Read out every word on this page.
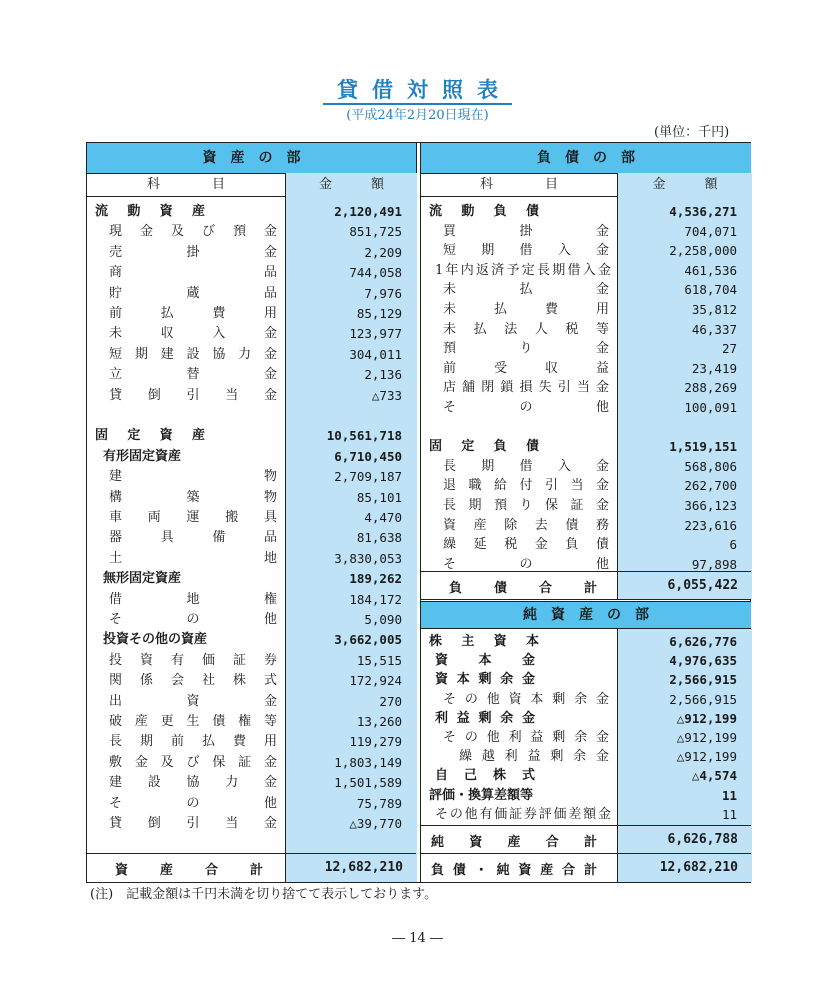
貸借対照表
(平成24年2月20日現在)
(単位：千円)
資　産　の　部
科　　　　目	金　　　額
流動資産	2,120,491
現金及び預金	851,725
売掛金	2,209
商品	744,058
貯蔵品	7,976
前払費用	85,129
未収入金	123,977
短期建設協力金	304,011
立替金	2,136
貸倒引当金	△733
固定資産	10,561,718
有形固定資産	6,710,450
建物	2,709,187
構築物	85,101
車両運搬具	4,470
器具備品	81,638
土地	3,830,053
無形固定資産	189,262
借地権	184,172
その他	5,090
投資その他の資産	3,662,005
投資有価証券	15,515
関係会社株式	172,924
出資金	270
破産更生債権等	13,260
長期前払費用	119,279
敷金及び保証金	1,803,149
建設協力金	1,501,589
その他	75,789
貸倒引当金	△39,770
資　産　合　計	12,682,210
負　債　の　部
科　　　　目	金　　　額
流動負債	4,536,271
買掛金	704,071
短期借入金	2,258,000
1年内返済予定長期借入金	461,536
未払金	618,704
未払費用	35,812
未払法人税等	46,337
預り金	27
前受収益	23,419
店舗閉鎖損失引当金	288,269
その他	100,091
固定負債	1,519,151
長期借入金	568,806
退職給付引当金	262,700
長期預り保証金	366,123
資産除去債務	223,616
繰延税金負債	6
その他	97,898
負　債　合　計	6,055,422
純　資　産　の　部
株主資本	6,626,776
資本金	4,976,635
資本剰余金	2,566,915
その他資本剰余金	2,566,915
利益剰余金	△912,199
その他利益剰余金	△912,199
繰越利益剰余金	△912,199
自己株式	△4,574
評価・換算差額等	11
その他有価証券評価差額金	11
純　資　産　合　計	6,626,788
負債・純資産合計	12,682,210
(注)　記載金額は千円未満を切り捨てて表示しております。
― 14 ―
